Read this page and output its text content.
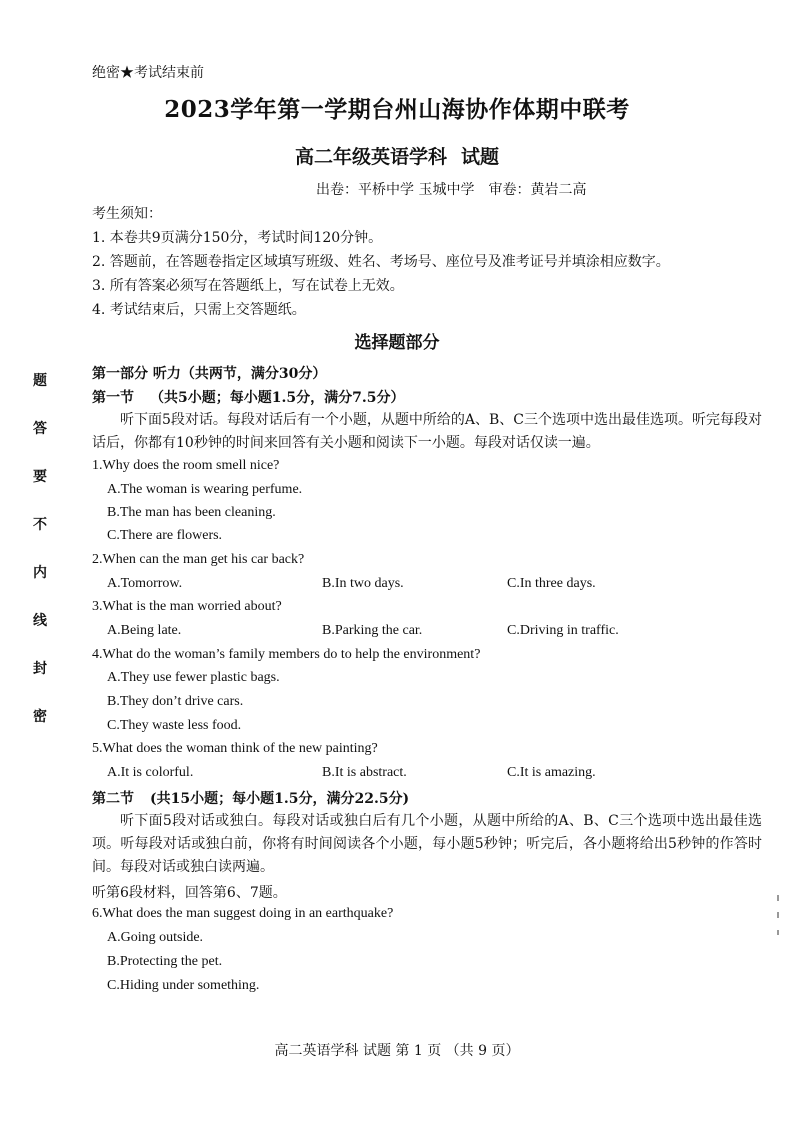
绝密★考试结束前
2023学年第一学期台州山海协作体期中联考
高二年级英语学科 试题
出卷：平桥中学 玉城中学 审卷：黄岩二高
考生须知：
1. 本卷共9页满分150分，考试时间120分钟。
2. 答题前，在答题卷指定区域填写班级、姓名、考场号、座位号及准考证号并填涂相应数字。
3. 所有答案必须写在答题纸上，写在试卷上无效。
4. 考试结束后，只需上交答题纸。
选择题部分
第一部分 听力（共两节，满分30分）
第一节 （共5小题；每小题1.5分，满分7.5分）
听下面5段对话。每段对话后有一个小题，从题中所给的A、B、C三个选项中选出最佳选项。听完每段对话后，你都有10秒钟的时间来回答有关小题和阅读下一小题。每段对话仅读一遍。
1.Why does the room smell nice?
A.The woman is wearing perfume.
B.The man has been cleaning.
C.There are flowers.
2.When can the man get his car back?
A.Tomorrow.	B.In two days.	C.In three days.
3.What is the man worried about?
A.Being late.	B.Parking the car.	C.Driving in traffic.
4.What do the woman’s family members do to help the environment?
A.They use fewer plastic bags.
B.They don’t drive cars.
C.They waste less food.
5.What does the woman think of the new painting?
A.It is colorful.	B.It is abstract.	C.It is amazing.
第二节 (共15小题；每小题1.5分，满分22.5分)
听下面5段对话或独白。每段对话或独白后有几个小题，从题中所给的A、B、C三个选项中选出最佳选项。听每段对话或独白前，你将有时间阅读各个小题，每小题5秒钟；听完后，各小题将给出5秒钟的作答时间。每段对话或独白读两遍。
听第6段材料，回答第6、7题。
6.What does the man suggest doing in an earthquake?
A.Going outside.
B.Protecting the pet.
C.Hiding under something.
高二英语学科 试题 第 1 页 （共 9 页）
题
答
要
不
内
线
封
密
